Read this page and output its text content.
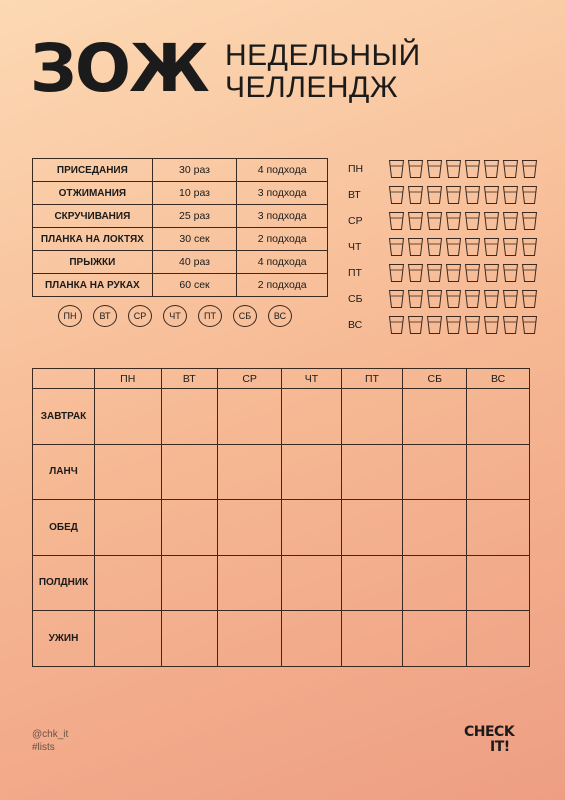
ЗОЖ НЕДЕЛЬНЫЙ
ЧЕЛЛЕНДЖ
ПРИСЕДАНИЯ	30 раз	4 подхода
ОТЖИМАНИЯ	10 раз	3 подхода
СКРУЧИВАНИЯ	25 раз	3 подхода
ПЛАНКА НА ЛОКТЯХ	30 сек	2 подхода
ПРЫЖКИ	40 раз	4 подхода
ПЛАНКА НА РУКАХ	60 сек	2 подхода
ПН	ВТ	СР	ЧТ	ПТ	СБ	ВС
ПН
ВТ
СР
ЧТ
ПТ
СБ
ВС
	ПН	ВТ	СР	ЧТ	ПТ	СБ	ВС
ЗАВТРАК							
ЛАНЧ							
ОБЕД							
ПОЛДНИК							
УЖИН							
@chk_it
#lists
CHECK
IT!
